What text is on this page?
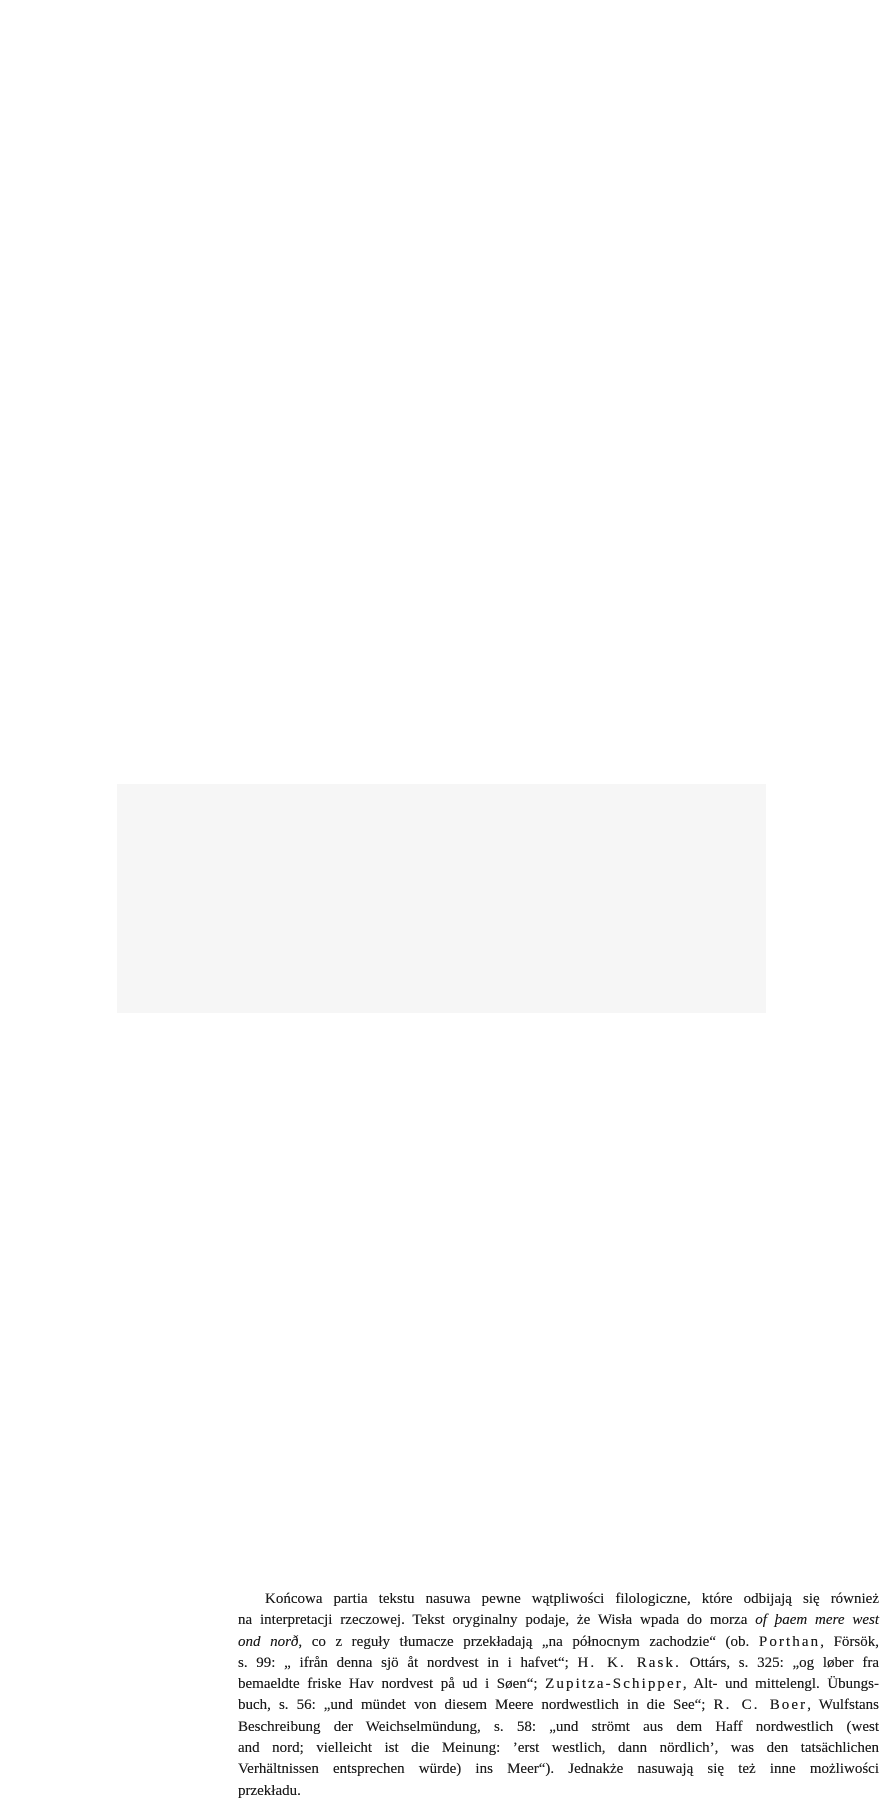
Końcowa partia tekstu nasuwa pewne wątpliwości filologiczne, które odbijają się również
na interpretacji rzeczowej. Tekst oryginalny podaje, że Wisła wpada do morza of þaem mere west
ond norð, co z reguły tłumacze przekładają „na północnym zachodzie“ (ob. Porthan, Försök,
s. 99: „ ifrån denna sjö åt nordvest in i hafvet“; H. K. Rask. Ottárs, s. 325: „og løber fra
bemaeldte friske Hav nordvest på ud i Søen“; Zupitza-Schipper, Alt- und mittelengl. Übungs-
buch, s. 56: „und mündet von diesem Meere nordwestlich in die See“; R. C. Boer, Wulfstans
Beschreibung der Weichselmündung, s. 58: „und strömt aus dem Haff nordwestlich (west
and nord; vielleicht ist die Meinung: ’erst westlich, dann nördlich’, was den tatsächlichen
Verhältnissen entsprechen würde) ins Meer“). Jednakże nasuwają się też inne możliwości
przekładu.
